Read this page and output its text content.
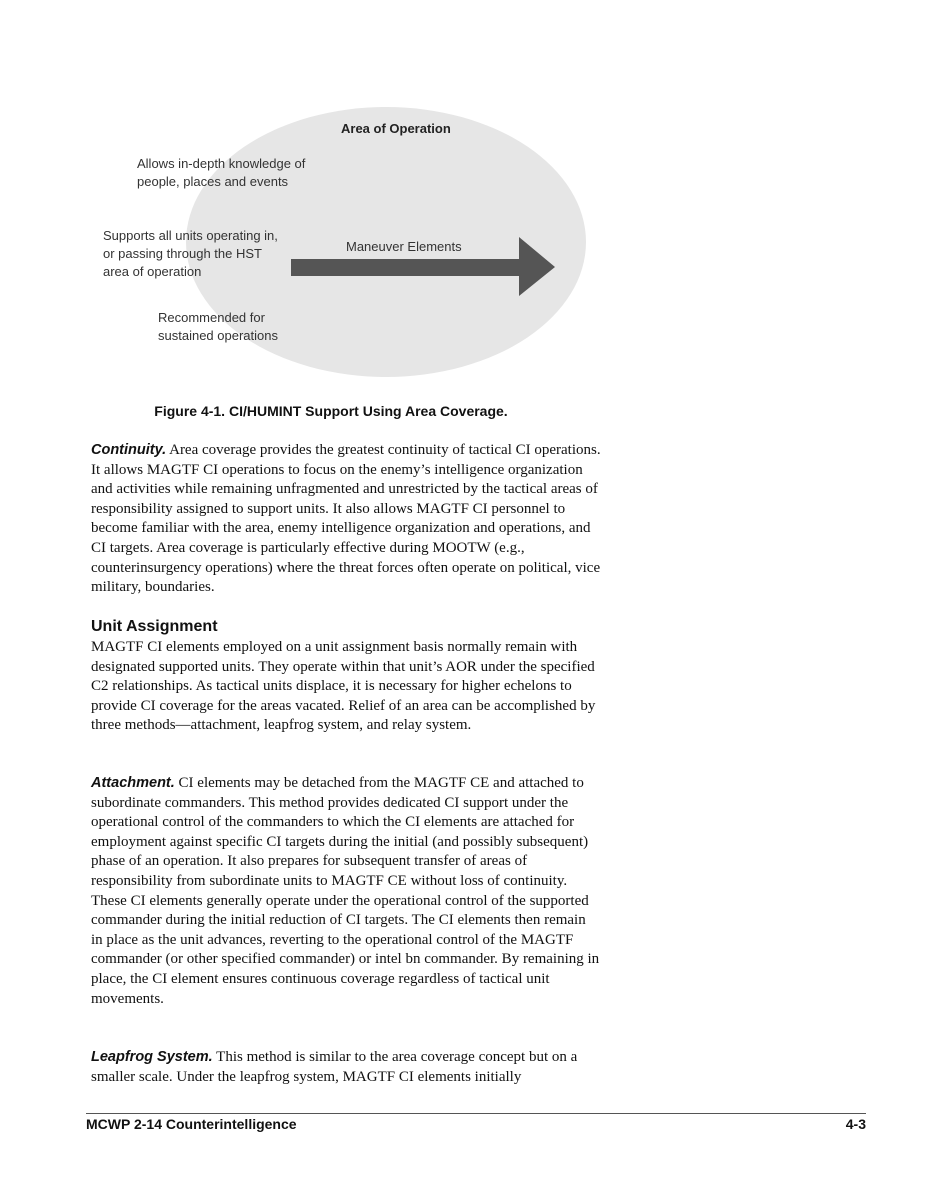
Area of Operation
Allows in-depth knowledge of
people, places and events
Supports all units operating in,
or passing through the HST
area of operation
Maneuver Elements
Recommended for
sustained operations
Figure 4-1. CI/HUMINT Support Using Area Coverage.

Continuity. Area coverage provides the greatest continuity of tactical CI operations. It allows MAGTF CI operations to focus on the enemy’s intelligence organization and activities while remaining unfragmented and unrestricted by the tactical areas of responsibility assigned to support units. It also allows MAGTF CI personnel to become familiar with the area, enemy intelligence organization and operations, and CI targets. Area coverage is particularly effective during MOOTW (e.g., counterinsurgency operations) where the threat forces often operate on political, vice military, boundaries.

Unit Assignment

MAGTF CI elements employed on a unit assignment basis normally remain with designated supported units. They operate within that unit’s AOR under the specified C2 relationships. As tactical units displace, it is necessary for higher echelons to provide CI coverage for the areas vacated. Relief of an area can be accomplished by three methods—attachment, leapfrog system, and relay system.

Attachment. CI elements may be detached from the MAGTF CE and attached to subordinate commanders. This method provides dedicated CI support under the operational control of the commanders to which the CI elements are attached for employment against specific CI targets during the initial (and possibly subsequent) phase of an operation. It also prepares for subsequent transfer of areas of responsibility from subordinate units to MAGTF CE without loss of continuity. These CI elements generally operate under the operational control of the supported commander during the initial reduction of CI targets. The CI elements then remain in place as the unit advances, reverting to the operational control of the MAGTF commander (or other specified commander) or intel bn commander. By remaining in place, the CI element ensures continuous coverage regardless of tactical unit movements.

Leapfrog System. This method is similar to the area coverage concept but on a smaller scale. Under the leapfrog system, MAGTF CI elements initially

MCWP 2-14 Counterintelligence	4-3
